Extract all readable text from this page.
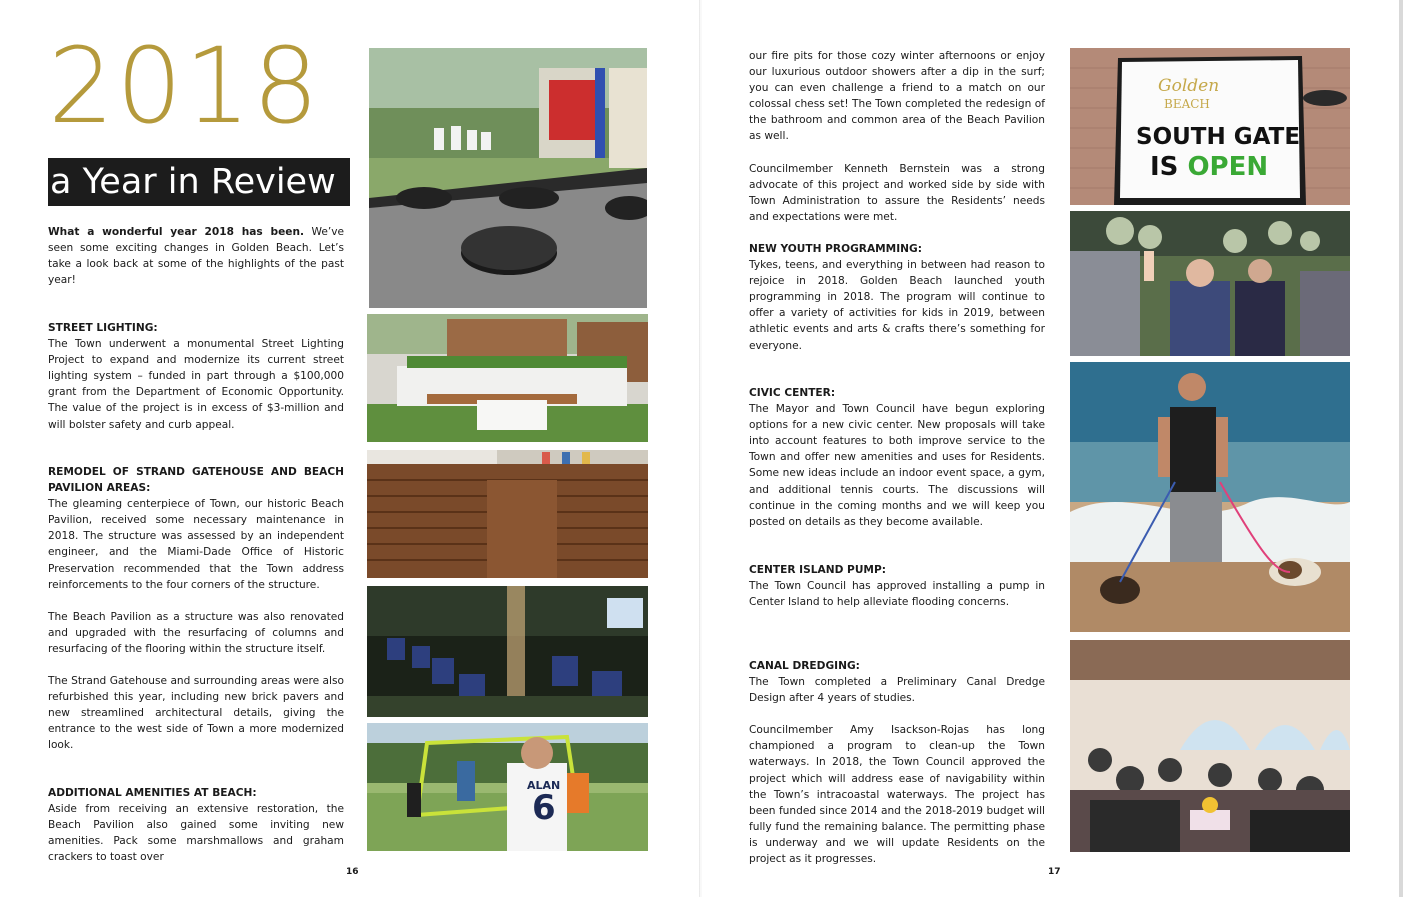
2018
a Year in Review
What a wonderful year 2018 has been. We’ve seen some exciting changes in Golden Beach. Let’s take a look back at some of the highlights of the past year!
STREET LIGHTING:
The Town underwent a monumental Street Lighting Project to expand and modernize its current street lighting system – funded in part through a $100,000 grant from the Department of Economic Opportunity. The value of the project is in excess of $3-million and will bolster safety and curb appeal.
REMODEL OF STRAND GATEHOUSE AND BEACH PAVILION AREAS:
The gleaming centerpiece of Town, our historic Beach Pavilion, received some necessary maintenance in 2018. The structure was assessed by an independent engineer, and the Miami-Dade Office of Historic Preservation recommended that the Town address reinforcements to the four corners of the structure.
The Beach Pavilion as a structure was also renovated and upgraded with the resurfacing of columns and resurfacing of the flooring within the structure itself.
The Strand Gatehouse and surrounding areas were also refurbished this year, including new brick pavers and new streamlined architectural details, giving the entrance to the west side of Town a more modernized look.
ADDITIONAL AMENITIES AT BEACH:
Aside from receiving an extensive restoration, the Beach Pavilion also gained some inviting new amenities. Pack some marshmallows and graham crackers to toast over
ALAN
6
16
our fire pits for those cozy winter afternoons or enjoy our luxurious outdoor showers after a dip in the surf; you can even challenge a friend to a match on our colossal chess set! The Town completed the redesign of the bathroom and common area of the Beach Pavilion as well.
Councilmember Kenneth Bernstein was a strong advocate of this project and worked side by side with Town Administration to assure the Residents’ needs and expectations were met.
NEW YOUTH PROGRAMMING:
Tykes, teens, and everything in between had reason to rejoice in 2018. Golden Beach launched youth programming in 2018. The program will continue to offer a variety of activities for kids in 2019, between athletic events and arts & crafts there’s something for everyone.
CIVIC CENTER:
The Mayor and Town Council have begun exploring options for a new civic center. New proposals will take into account features to both improve service to the Town and offer new amenities and uses for Residents. Some new ideas include an indoor event space, a gym, and additional tennis courts. The discussions will continue in the coming months and we will keep you posted on details as they become available.
CENTER ISLAND PUMP:
The Town Council has approved installing a pump in Center Island to help alleviate flooding concerns.
CANAL DREDGING:
The Town completed a Preliminary Canal Dredge Design after 4 years of studies.
Councilmember Amy Isackson-Rojas has long championed a program to clean-up the Town waterways. In 2018, the Town Council approved the project which will address ease of navigability within the Town’s intracoastal waterways. The project has been funded since 2014 and the 2018-2019 budget will fully fund the remaining balance. The permitting phase is underway and we will update Residents on the project as it progresses.
Golden
BEACH
SOUTH GATE
IS OPEN
17
